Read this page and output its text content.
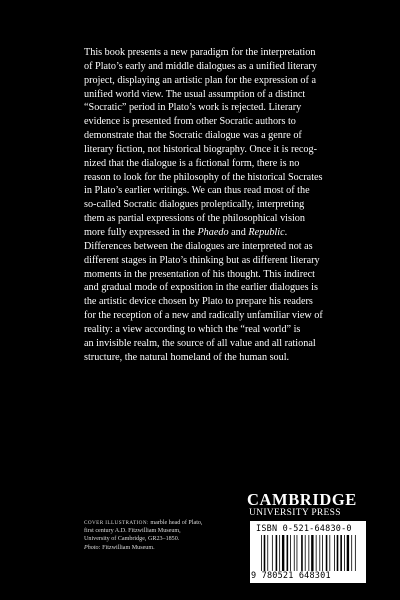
This book presents a new paradigm for the interpretation
of Plato’s early and middle dialogues as a unified literary
project, displaying an artistic plan for the expression of a
unified world view. The usual assumption of a distinct
“Socratic” period in Plato’s work is rejected. Literary
evidence is presented from other Socratic authors to
demonstrate that the Socratic dialogue was a genre of
literary fiction, not historical biography. Once it is recog-
nized that the dialogue is a fictional form, there is no
reason to look for the philosophy of the historical Socrates
in Plato’s earlier writings. We can thus read most of the
so-called Socratic dialogues proleptically, interpreting
them as partial expressions of the philosophical vision
more fully expressed in the Phaedo and Republic.
Differences between the dialogues are interpreted not as
different stages in Plato’s thinking but as different literary
moments in the presentation of his thought. This indirect
and gradual mode of exposition in the earlier dialogues is
the artistic device chosen by Plato to prepare his readers
for the reception of a new and radically unfamiliar view of
reality: a view according to which the “real world” is
an invisible realm, the source of all value and all rational
structure, the natural homeland of the human soul.
COVER ILLUSTRATION: marble head of Plato,
first century A.D. Fitzwilliam Museum,
University of Cambridge, GR23–1850.
Photo: Fitzwilliam Museum.
CAMBRIDGE
UNIVERSITY PRESS
ISBN 0-521-64830-0
9 780521 648301
